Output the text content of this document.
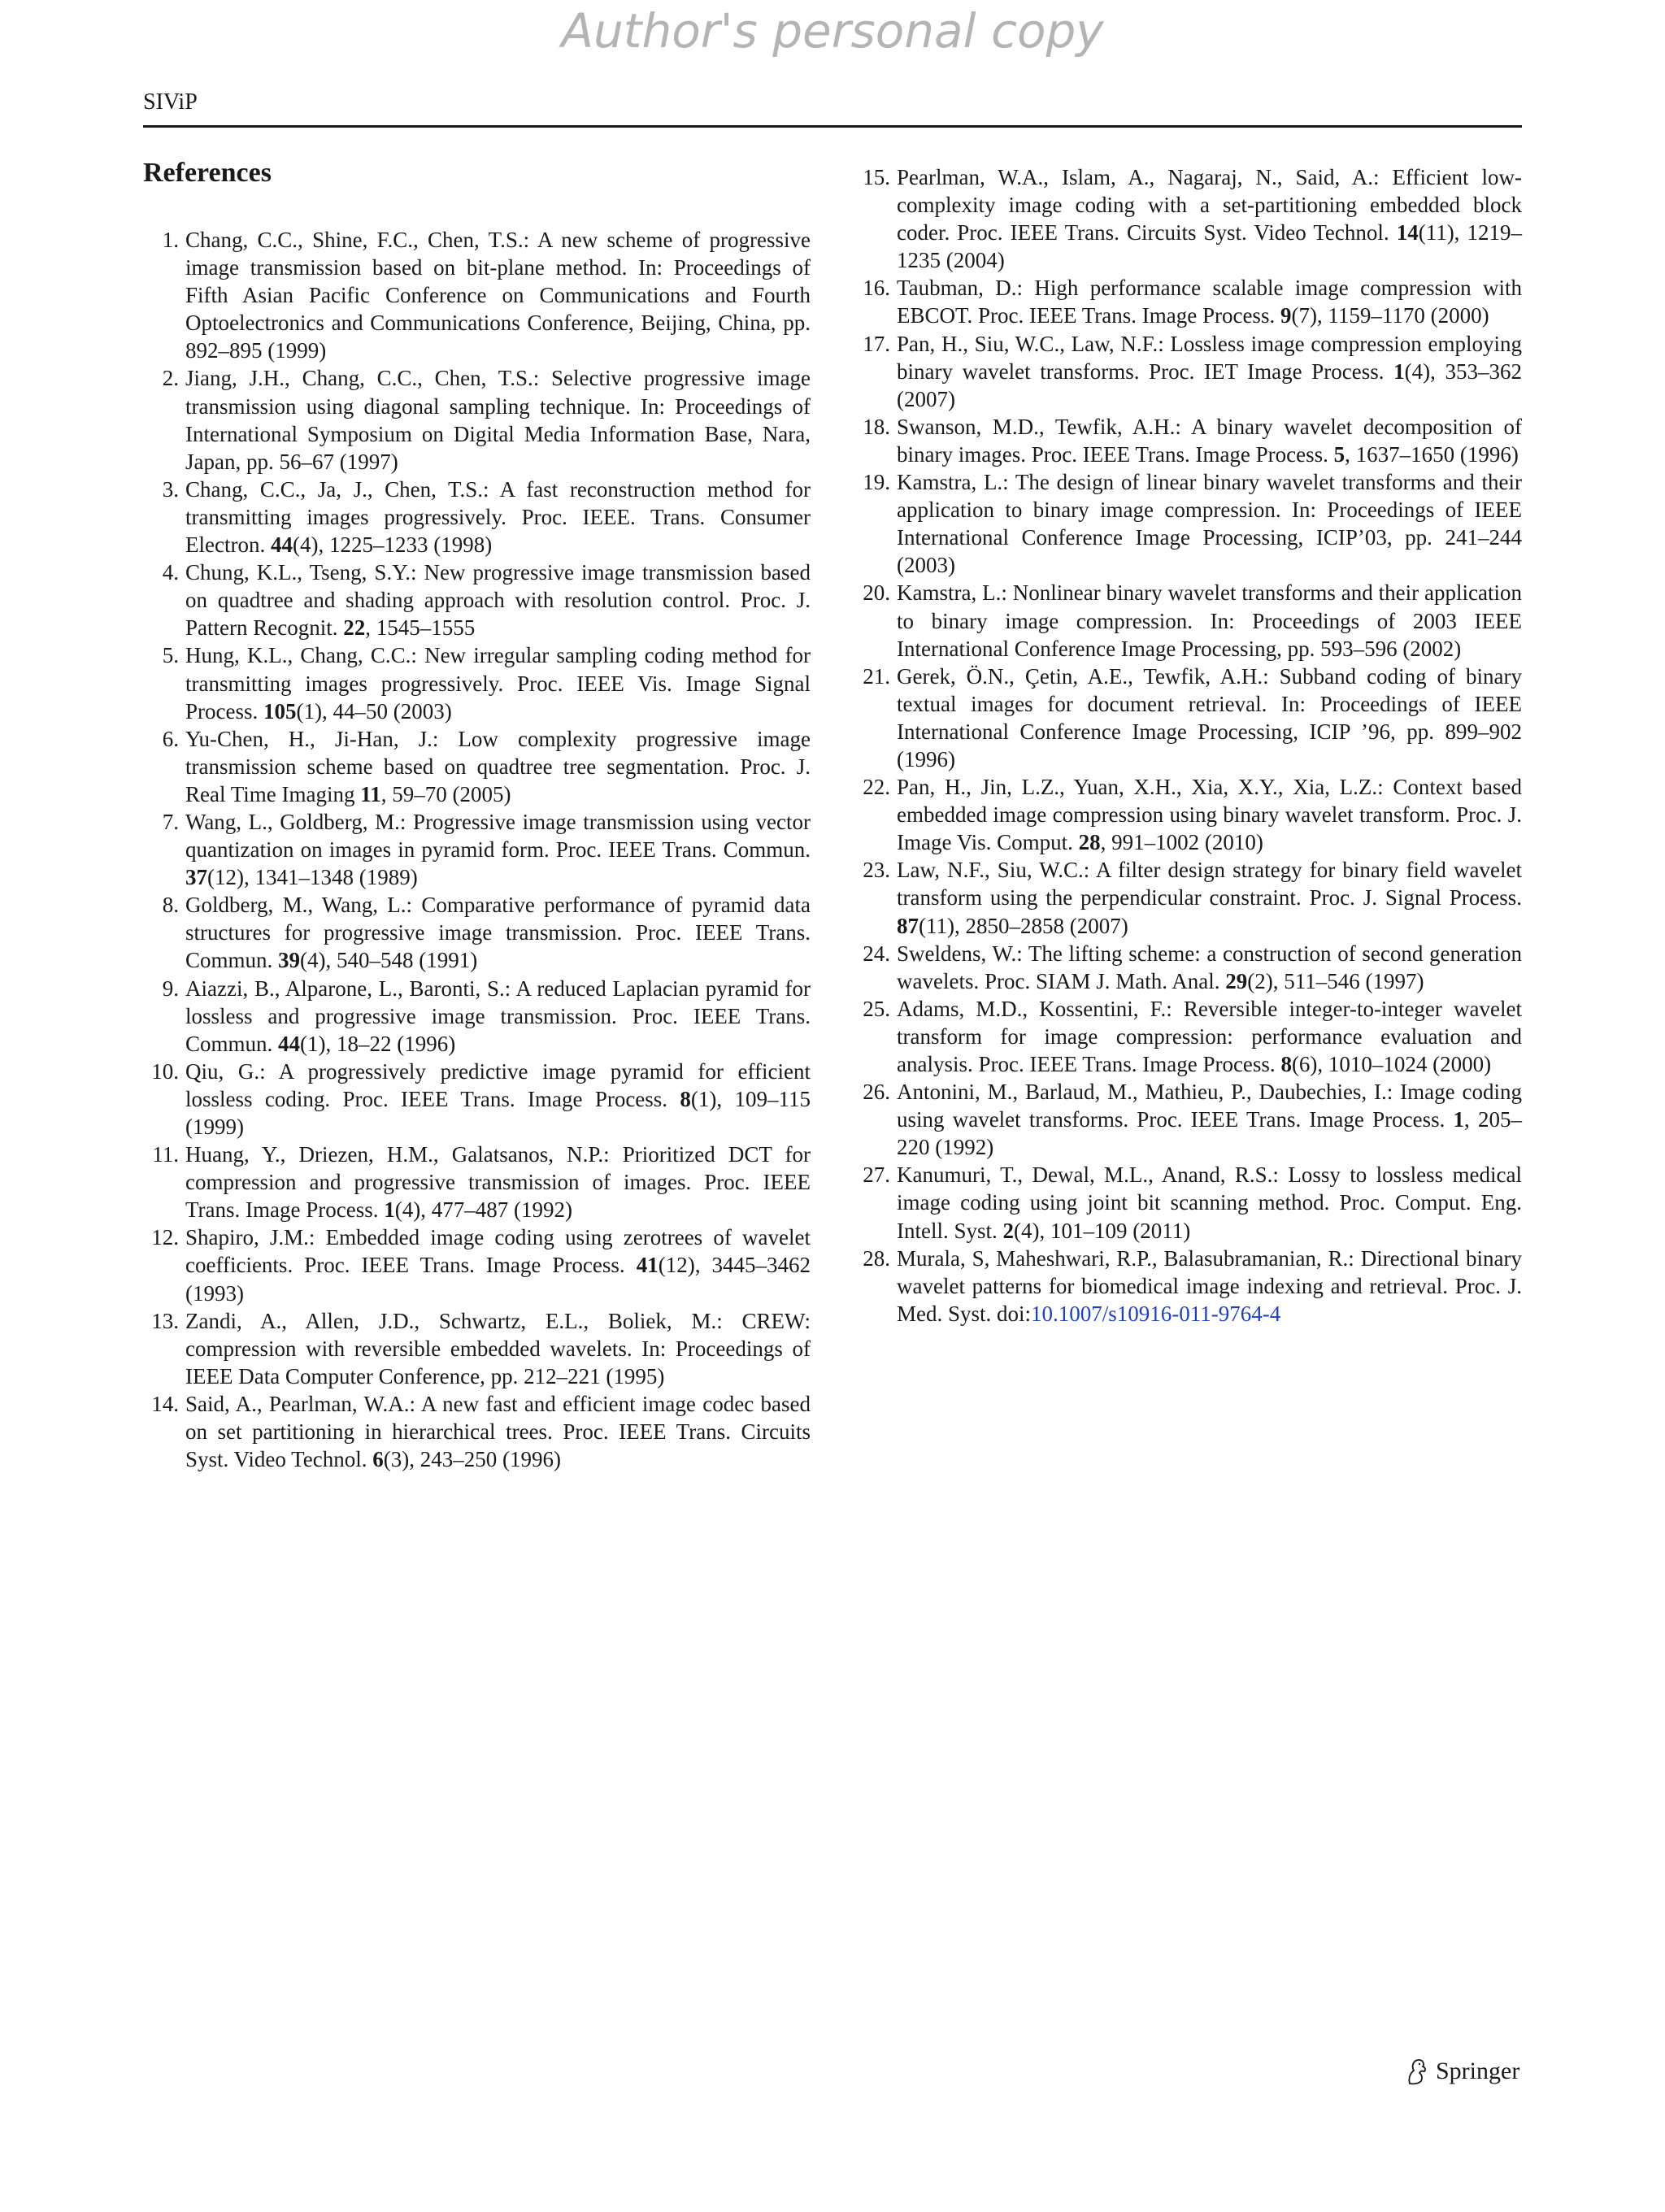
Author's personal copy
SIViP
References
1. Chang, C.C., Shine, F.C., Chen, T.S.: A new scheme of progressive image transmission based on bit-plane method. In: Proceedings of Fifth Asian Pacific Conference on Communications and Fourth Optoelectronics and Communications Conference, Beijing, China, pp. 892–895 (1999)
2. Jiang, J.H., Chang, C.C., Chen, T.S.: Selective progressive image transmission using diagonal sampling technique. In: Proceedings of International Symposium on Digital Media Information Base, Nara, Japan, pp. 56–67 (1997)
3. Chang, C.C., Ja, J., Chen, T.S.: A fast reconstruction method for transmitting images progressively. Proc. IEEE. Trans. Consumer Electron. 44(4), 1225–1233 (1998)
4. Chung, K.L., Tseng, S.Y.: New progressive image transmission based on quadtree and shading approach with resolution control. Proc. J. Pattern Recognit. 22, 1545–1555
5. Hung, K.L., Chang, C.C.: New irregular sampling coding method for transmitting images progressively. Proc. IEEE Vis. Image Signal Process. 105(1), 44–50 (2003)
6. Yu-Chen, H., Ji-Han, J.: Low complexity progressive image transmission scheme based on quadtree tree segmentation. Proc. J. Real Time Imaging 11, 59–70 (2005)
7. Wang, L., Goldberg, M.: Progressive image transmission using vector quantization on images in pyramid form. Proc. IEEE Trans. Commun. 37(12), 1341–1348 (1989)
8. Goldberg, M., Wang, L.: Comparative performance of pyramid data structures for progressive image transmission. Proc. IEEE Trans. Commun. 39(4), 540–548 (1991)
9. Aiazzi, B., Alparone, L., Baronti, S.: A reduced Laplacian pyramid for lossless and progressive image transmission. Proc. IEEE Trans. Commun. 44(1), 18–22 (1996)
10. Qiu, G.: A progressively predictive image pyramid for efficient lossless coding. Proc. IEEE Trans. Image Process. 8(1), 109–115 (1999)
11. Huang, Y., Driezen, H.M., Galatsanos, N.P.: Prioritized DCT for compression and progressive transmission of images. Proc. IEEE Trans. Image Process. 1(4), 477–487 (1992)
12. Shapiro, J.M.: Embedded image coding using zerotrees of wavelet coefficients. Proc. IEEE Trans. Image Process. 41(12), 3445–3462 (1993)
13. Zandi, A., Allen, J.D., Schwartz, E.L., Boliek, M.: CREW: compression with reversible embedded wavelets. In: Proceedings of IEEE Data Computer Conference, pp. 212–221 (1995)
14. Said, A., Pearlman, W.A.: A new fast and efficient image codec based on set partitioning in hierarchical trees. Proc. IEEE Trans. Circuits Syst. Video Technol. 6(3), 243–250 (1996)
15. Pearlman, W.A., Islam, A., Nagaraj, N., Said, A.: Efficient low-complexity image coding with a set-partitioning embedded block coder. Proc. IEEE Trans. Circuits Syst. Video Technol. 14(11), 1219–1235 (2004)
16. Taubman, D.: High performance scalable image compression with EBCOT. Proc. IEEE Trans. Image Process. 9(7), 1159–1170 (2000)
17. Pan, H., Siu, W.C., Law, N.F.: Lossless image compression employing binary wavelet transforms. Proc. IET Image Process. 1(4), 353–362 (2007)
18. Swanson, M.D., Tewfik, A.H.: A binary wavelet decomposition of binary images. Proc. IEEE Trans. Image Process. 5, 1637–1650 (1996)
19. Kamstra, L.: The design of linear binary wavelet transforms and their application to binary image compression. In: Proceedings of IEEE International Conference Image Processing, ICIP’03, pp. 241–244 (2003)
20. Kamstra, L.: Nonlinear binary wavelet transforms and their application to binary image compression. In: Proceedings of 2003 IEEE International Conference Image Processing, pp. 593–596 (2002)
21. Gerek, Ö.N., Çetin, A.E., Tewfik, A.H.: Subband coding of binary textual images for document retrieval. In: Proceedings of IEEE International Conference Image Processing, ICIP ’96, pp. 899–902 (1996)
22. Pan, H., Jin, L.Z., Yuan, X.H., Xia, X.Y., Xia, L.Z.: Context based embedded image compression using binary wavelet transform. Proc. J. Image Vis. Comput. 28, 991–1002 (2010)
23. Law, N.F., Siu, W.C.: A filter design strategy for binary field wavelet transform using the perpendicular constraint. Proc. J. Signal Process. 87(11), 2850–2858 (2007)
24. Sweldens, W.: The lifting scheme: a construction of second generation wavelets. Proc. SIAM J. Math. Anal. 29(2), 511–546 (1997)
25. Adams, M.D., Kossentini, F.: Reversible integer-to-integer wavelet transform for image compression: performance evaluation and analysis. Proc. IEEE Trans. Image Process. 8(6), 1010–1024 (2000)
26. Antonini, M., Barlaud, M., Mathieu, P., Daubechies, I.: Image coding using wavelet transforms. Proc. IEEE Trans. Image Process. 1, 205–220 (1992)
27. Kanumuri, T., Dewal, M.L., Anand, R.S.: Lossy to lossless medical image coding using joint bit scanning method. Proc. Comput. Eng. Intell. Syst. 2(4), 101–109 (2011)
28. Murala, S, Maheshwari, R.P., Balasubramanian, R.: Directional binary wavelet patterns for biomedical image indexing and retrieval. Proc. J. Med. Syst. doi:10.1007/s10916-011-9764-4
Springer
